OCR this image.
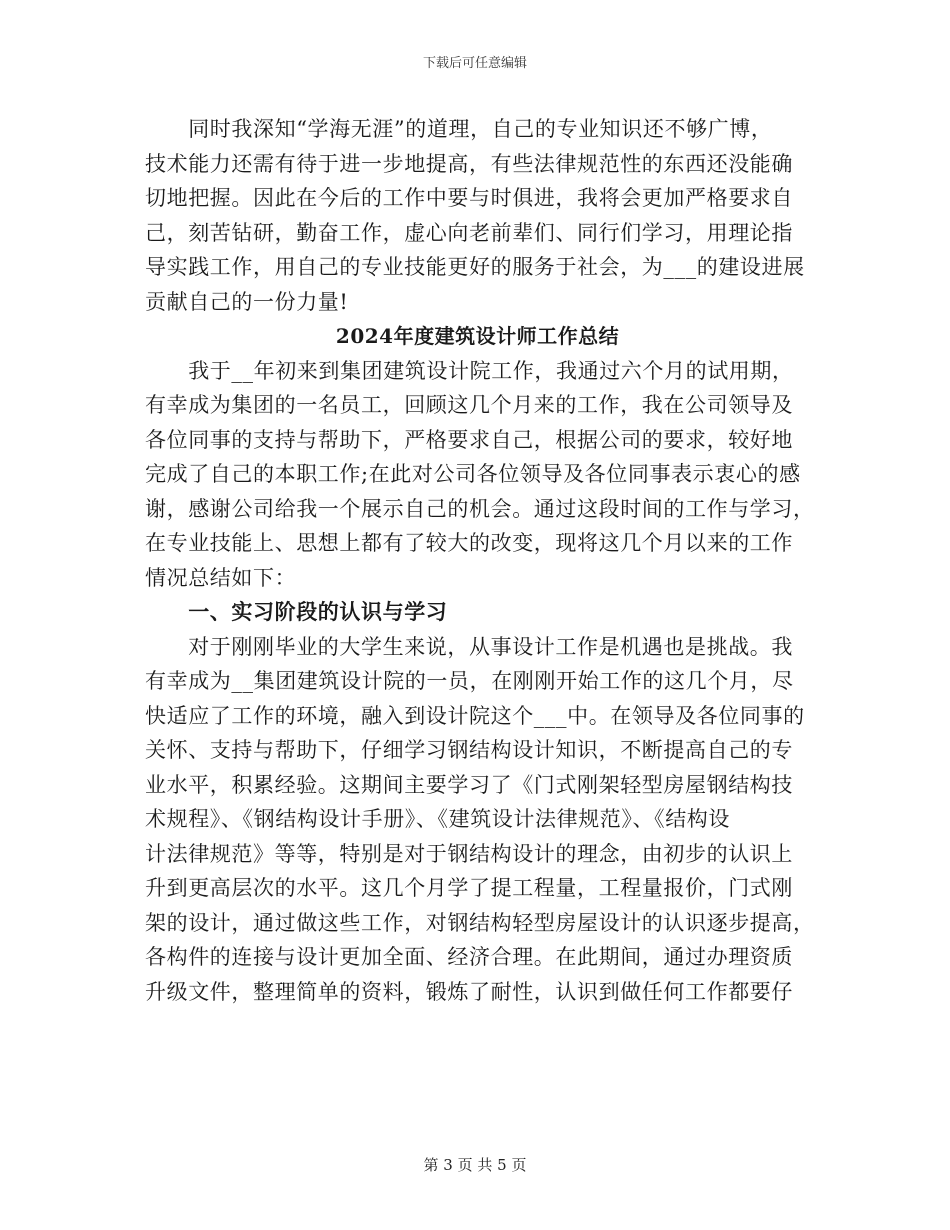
下载后可任意编辑
　　同时我深知“学海无涯”的道理，自己的专业知识还不够广博，
技术能力还需有待于进一步地提高，有些法律规范性的东西还没能确
切地把握。因此在今后的工作中要与时俱进，我将会更加严格要求自
己，刻苦钻研，勤奋工作，虚心向老前辈们、同行们学习，用理论指
导实践工作，用自己的专业技能更好的服务于社会，为___的建设进展
贡献自己的一份力量!
2024年度建筑设计师工作总结
　　我于__年初来到集团建筑设计院工作，我通过六个月的试用期，
有幸成为集团的一名员工，回顾这几个月来的工作，我在公司领导及
各位同事的支持与帮助下，严格要求自己，根据公司的要求，较好地
完成了自己的本职工作;在此对公司各位领导及各位同事表示衷心的感
谢，感谢公司给我一个展示自己的机会。通过这段时间的工作与学习，
在专业技能上、思想上都有了较大的改变，现将这几个月以来的工作
情况总结如下：
　　一、实习阶段的认识与学习
　　对于刚刚毕业的大学生来说，从事设计工作是机遇也是挑战。我
有幸成为__集团建筑设计院的一员，在刚刚开始工作的这几个月，尽
快适应了工作的环境，融入到设计院这个___中。在领导及各位同事的
关怀、支持与帮助下，仔细学习钢结构设计知识，不断提高自己的专
业水平，积累经验。这期间主要学习了《门式刚架轻型房屋钢结构技
术规程》、《钢结构设计手册》、《建筑设计法律规范》、《结构设
计法律规范》等等，特别是对于钢结构设计的理念，由初步的认识上
升到更高层次的水平。这几个月学了提工程量，工程量报价，门式刚
架的设计，通过做这些工作，对钢结构轻型房屋设计的认识逐步提高，
各构件的连接与设计更加全面、经济合理。在此期间，通过办理资质
升级文件，整理简单的资料，锻炼了耐性，认识到做任何工作都要仔
第 3 页 共 5 页
